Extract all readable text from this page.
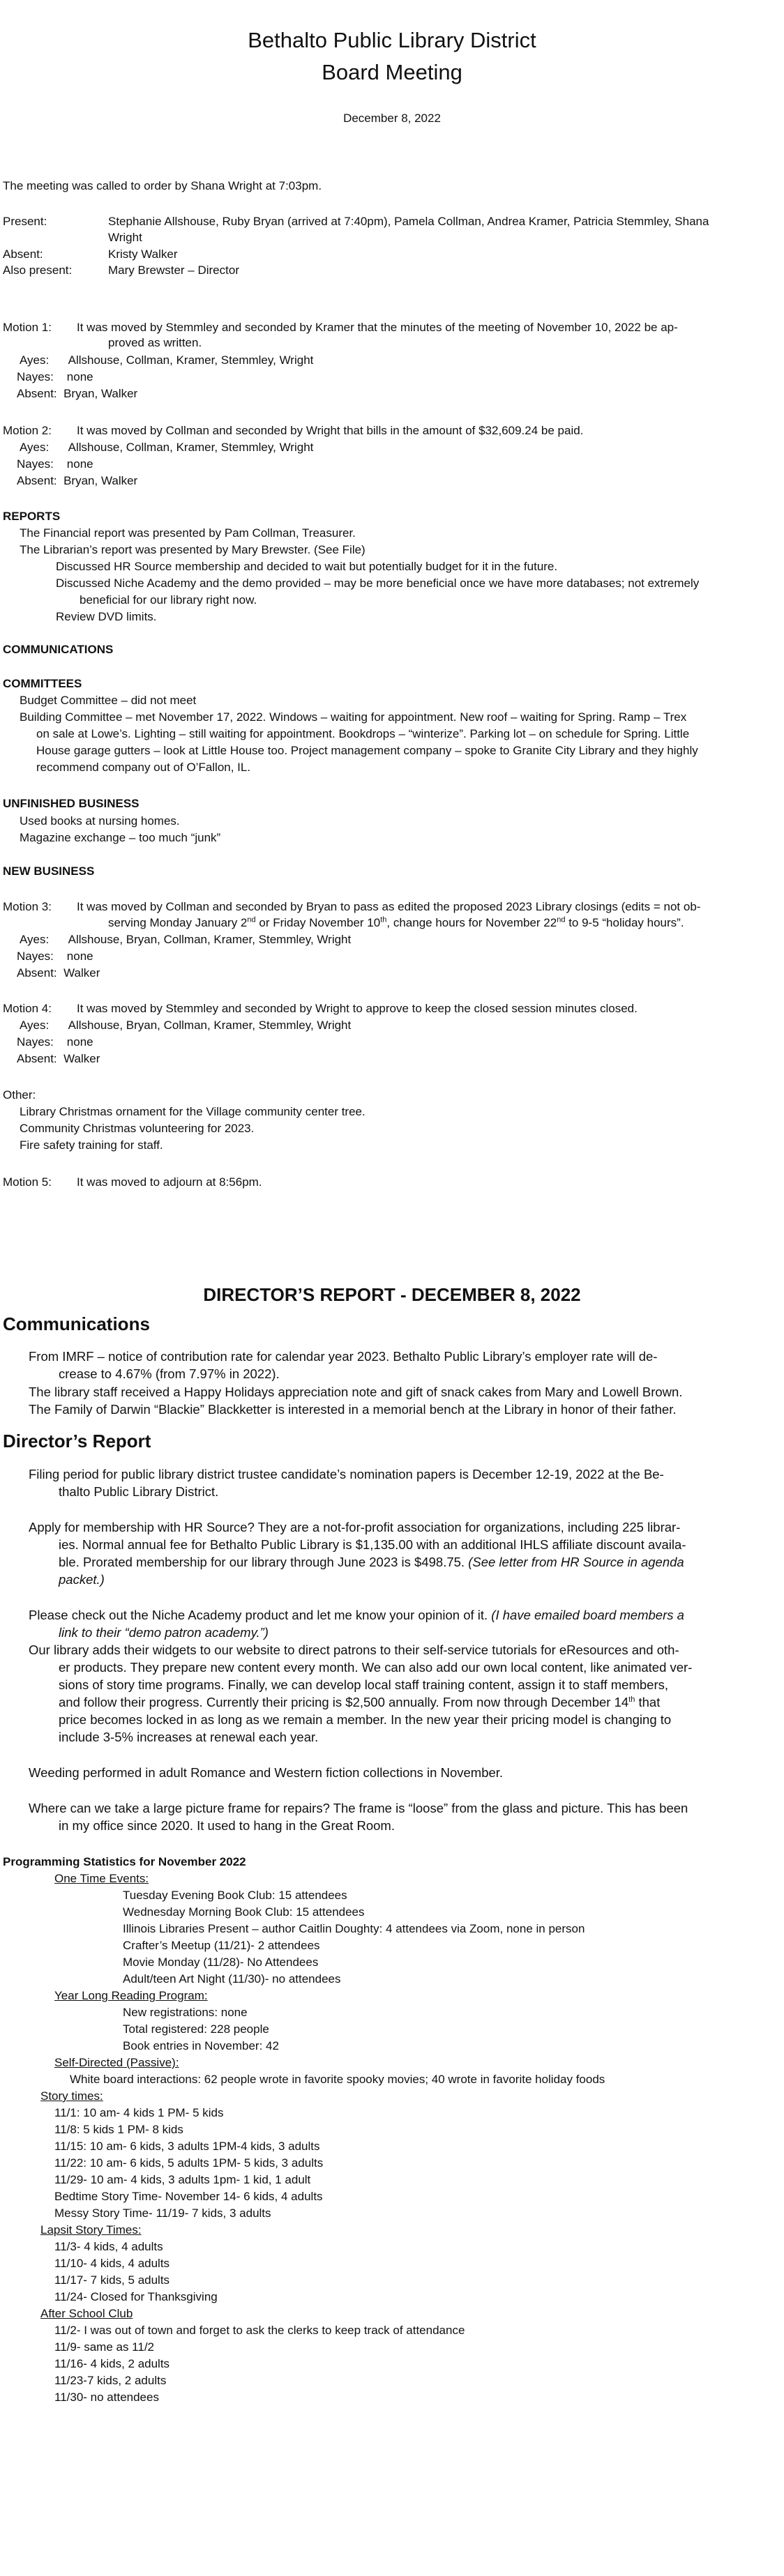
Bethalto Public Library District
Board Meeting
December 8, 2022
The meeting was called to order by Shana Wright at 7:03pm.
Present:	Stephanie Allshouse, Ruby Bryan (arrived at 7:40pm), Pamela Collman, Andrea Kramer, Patricia Stemmley, Shana
Wright
Absent:	Kristy Walker
Also present:	Mary Brewster – Director
Motion 1: It was moved by Stemmley and seconded by Kramer that the minutes of the meeting of November 10, 2022 be ap-
proved as written.
Ayes:      Allshouse, Collman, Kramer, Stemmley, Wright
Nayes:    none
Absent:  Bryan, Walker
Motion 2: It was moved by Collman and seconded by Wright that bills in the amount of $32,609.24 be paid.
Ayes:      Allshouse, Collman, Kramer, Stemmley, Wright
Nayes:    none
Absent:  Bryan, Walker
REPORTS
The Financial report was presented by Pam Collman, Treasurer.
The Librarian’s report was presented by Mary Brewster. (See File)
Discussed HR Source membership and decided to wait but potentially budget for it in the future.
Discussed Niche Academy and the demo provided – may be more beneficial once we have more databases; not extremely
beneficial for our library right now.
Review DVD limits.
COMMUNICATIONS
COMMITTEES
Budget Committee – did not meet
Building Committee – met November 17, 2022. Windows – waiting for appointment. New roof – waiting for Spring. Ramp – Trex
on sale at Lowe’s. Lighting – still waiting for appointment. Bookdrops – “winterize”. Parking lot – on schedule for Spring. Little
House garage gutters – look at Little House too. Project management company – spoke to Granite City Library and they highly
recommend company out of O’Fallon, IL.
UNFINISHED BUSINESS
Used books at nursing homes.
Magazine exchange – too much “junk”
NEW BUSINESS
Motion 3: It was moved by Collman and seconded by Bryan to pass as edited the proposed 2023 Library closings (edits = not ob-
serving Monday January 2nd or Friday November 10th, change hours for November 22nd to 9-5 “holiday hours”.
Ayes:      Allshouse, Bryan, Collman, Kramer, Stemmley, Wright
Nayes:    none
Absent:  Walker
Motion 4: It was moved by Stemmley and seconded by Wright to approve to keep the closed session minutes closed.
Ayes:      Allshouse, Bryan, Collman, Kramer, Stemmley, Wright
Nayes:    none
Absent:  Walker
Other:
Library Christmas ornament for the Village community center tree.
Community Christmas volunteering for 2023.
Fire safety training for staff.
Motion 5: It was moved to adjourn at 8:56pm.
DIRECTOR’S REPORT - DECEMBER 8, 2022
Communications
From IMRF – notice of contribution rate for calendar year 2023. Bethalto Public Library’s employer rate will de-
crease to 4.67% (from 7.97% in 2022).
The library staff received a Happy Holidays appreciation note and gift of snack cakes from Mary and Lowell Brown.
The Family of Darwin “Blackie” Blackketter is interested in a memorial bench at the Library in honor of their father.
Director’s Report
Filing period for public library district trustee candidate’s nomination papers is December 12-19, 2022 at the Be-
thalto Public Library District.
Apply for membership with HR Source? They are a not-for-profit association for organizations, including 225 librar-
ies. Normal annual fee for Bethalto Public Library is $1,135.00 with an additional IHLS affiliate discount availa-
ble. Prorated membership for our library through June 2023 is $498.75. (See letter from HR Source in agenda
packet.)
Please check out the Niche Academy product and let me know your opinion of it. (I have emailed board members a
link to their “demo patron academy.”)
Our library adds their widgets to our website to direct patrons to their self-service tutorials for eResources and oth-
er products. They prepare new content every month. We can also add our own local content, like animated ver-
sions of story time programs. Finally, we can develop local staff training content, assign it to staff members,
and follow their progress. Currently their pricing is $2,500 annually. From now through December 14th that
price becomes locked in as long as we remain a member. In the new year their pricing model is changing to
include 3-5% increases at renewal each year.
Weeding performed in adult Romance and Western fiction collections in November.
Where can we take a large picture frame for repairs? The frame is “loose” from the glass and picture. This has been
in my office since 2020. It used to hang in the Great Room.
Programming Statistics for November 2022
One Time Events:
Tuesday Evening Book Club: 15 attendees
Wednesday Morning Book Club: 15 attendees
Illinois Libraries Present – author Caitlin Doughty: 4 attendees via Zoom, none in person
Crafter’s Meetup (11/21)- 2 attendees
Movie Monday (11/28)- No Attendees
Adult/teen Art Night (11/30)- no attendees
Year Long Reading Program:
New registrations: none
Total registered: 228 people
Book entries in November: 42
Self-Directed (Passive):
White board interactions: 62 people wrote in favorite spooky movies; 40 wrote in favorite holiday foods
Story times:
11/1: 10 am- 4 kids 1 PM- 5 kids
11/8: 5 kids 1 PM- 8 kids
11/15: 10 am- 6 kids, 3 adults 1PM-4 kids, 3 adults
11/22: 10 am- 6 kids, 5 adults 1PM- 5 kids, 3 adults
11/29- 10 am- 4 kids, 3 adults 1pm- 1 kid, 1 adult
Bedtime Story Time- November 14- 6 kids, 4 adults
Messy Story Time- 11/19- 7 kids, 3 adults
Lapsit Story Times:
11/3- 4 kids, 4 adults
11/10- 4 kids, 4 adults
11/17- 7 kids, 5 adults
11/24- Closed for Thanksgiving
After School Club
11/2- I was out of town and forget to ask the clerks to keep track of attendance
11/9- same as 11/2
11/16- 4 kids, 2 adults
11/23-7 kids, 2 adults
11/30- no attendees
